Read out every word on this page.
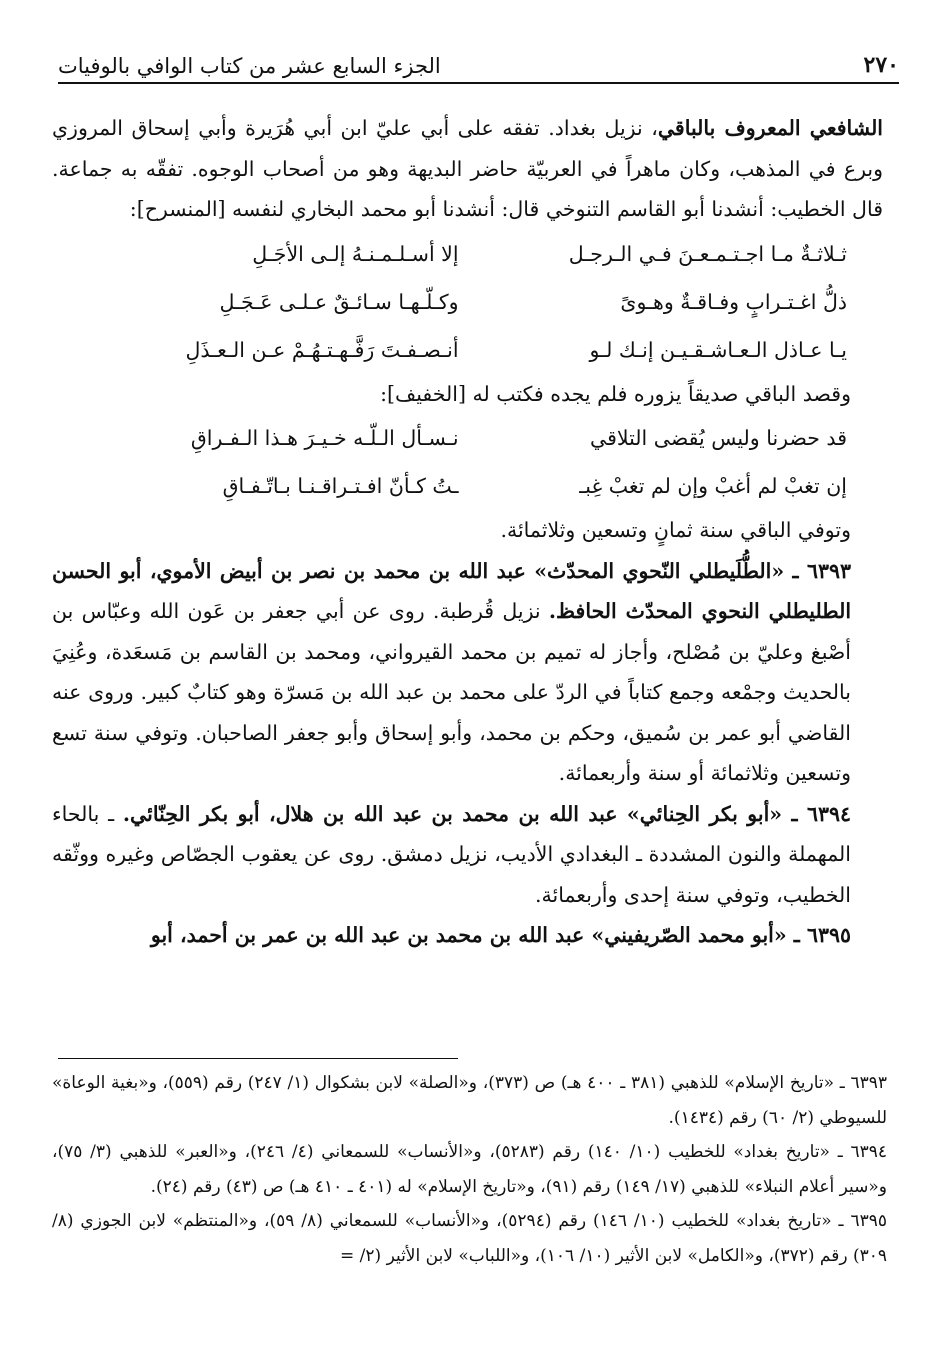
٢٧٠
الجزء السابع عشر من كتاب الوافي بالوفيات

الشافعي المعروف بالباقي، نزيل بغداد. تفقه على أبي عليّ ابن أبي هُرَيرة وأبي إسحاق المروزي وبرع في المذهب، وكان ماهراً في العربيّة حاضر البديهة وهو من أصحاب الوجوه. تفقّه به جماعة. قال الخطيب: أنشدنا أبو القاسم التنوخي قال: أنشدنا أبو محمد البخاري لنفسه [المنسرح]:

ثـلاثـةٌ مـا اجـتـمـعـنَ فـي الـرجـل
إلا أسـلـمـنـهُ إلـى الأجَـلِ
ذلُّ اغـتـرابٍ وفـاقـةٌ وهـوىً
وكـلّـهـا سـائـقٌ عـلـى عَـجَـلِ
يـا عـاذل الـعـاشـقـيـن إنـك لـو
أنـصـفـتَ رَفَّـهـتـهُـمْ عـن الـعـذَلِ

وقصد الباقي صديقاً يزوره فلم يجده فكتب له [الخفيف]:

قد حضرنا وليس يُقضى التلاقي
نـسـأل الـلّـه خـيـرَ هـذا الـفـراقِ
إن تغبْ لم أغبْ وإن لم تغبْ غِبـ
ـتُ كـأنّ افـتـراقـنـا بـاتّـفـاقِ

وتوفي الباقي سنة ثمانٍ وتسعين وثلاثمائة.

٦٣٩٣ ـ «الطُّلَيطلي النّحوي المحدّث» عبد الله بن محمد بن نصر بن أبيض الأموي، أبو الحسن الطليطلي النحوي المحدّث الحافظ. نزيل قُرطبة. روى عن أبي جعفر بن عَون الله وعبّاس بن أصْبغ وعليّ بن مُصْلح، وأجاز له تميم بن محمد القيرواني، ومحمد بن القاسم بن مَسعَدة، وعُنِيَ بالحديث وجمْعه وجمع كتاباً في الردّ على محمد بن عبد الله بن مَسرّة وهو كتابٌ كبير. وروى عنه القاضي أبو عمر بن سُميق، وحكم بن محمد، وأبو إسحاق وأبو جعفر الصاحبان. وتوفي سنة تسع وتسعين وثلاثمائة أو سنة وأربعمائة.

٦٣٩٤ ـ «أبو بكر الحِنائي» عبد الله بن محمد بن عبد الله بن هلال، أبو بكر الحِنّائي. ـ بالحاء المهملة والنون المشددة ـ البغدادي الأديب، نزيل دمشق. روى عن يعقوب الجصّاص وغيره ووثّقه الخطيب، وتوفي سنة إحدى وأربعمائة.

٦٣٩٥ ـ «أبو محمد الصّريفيني» عبد الله بن محمد بن عبد الله بن عمر بن أحمد، أبو

٦٣٩٣ ـ «تاريخ الإسلام» للذهبي (٣٨١ ـ ٤٠٠ هـ) ص (٣٧٣)، و«الصلة» لابن بشكوال (١/ ٢٤٧) رقم (٥٥٩)، و«بغية الوعاة» للسيوطي (٢/ ٦٠) رقم (١٤٣٤).

٦٣٩٤ ـ «تاريخ بغداد» للخطيب (١٠/ ١٤٠) رقم (٥٢٨٣)، و«الأنساب» للسمعاني (٤/ ٢٤٦)، و«العبر» للذهبي (٣/ ٧٥)، و«سير أعلام النبلاء» للذهبي (١٧/ ١٤٩) رقم (٩١)، و«تاريخ الإسلام» له (٤٠١ ـ ٤١٠ هـ) ص (٤٣) رقم (٢٤).

٦٣٩٥ ـ «تاريخ بغداد» للخطيب (١٠/ ١٤٦) رقم (٥٢٩٤)، و«الأنساب» للسمعاني (٨/ ٥٩)، و«المنتظم» لابن الجوزي (٨/ ٣٠٩) رقم (٣٧٢)، و«الكامل» لابن الأثير (١٠/ ١٠٦)، و«اللباب» لابن الأثير (٢/ =
